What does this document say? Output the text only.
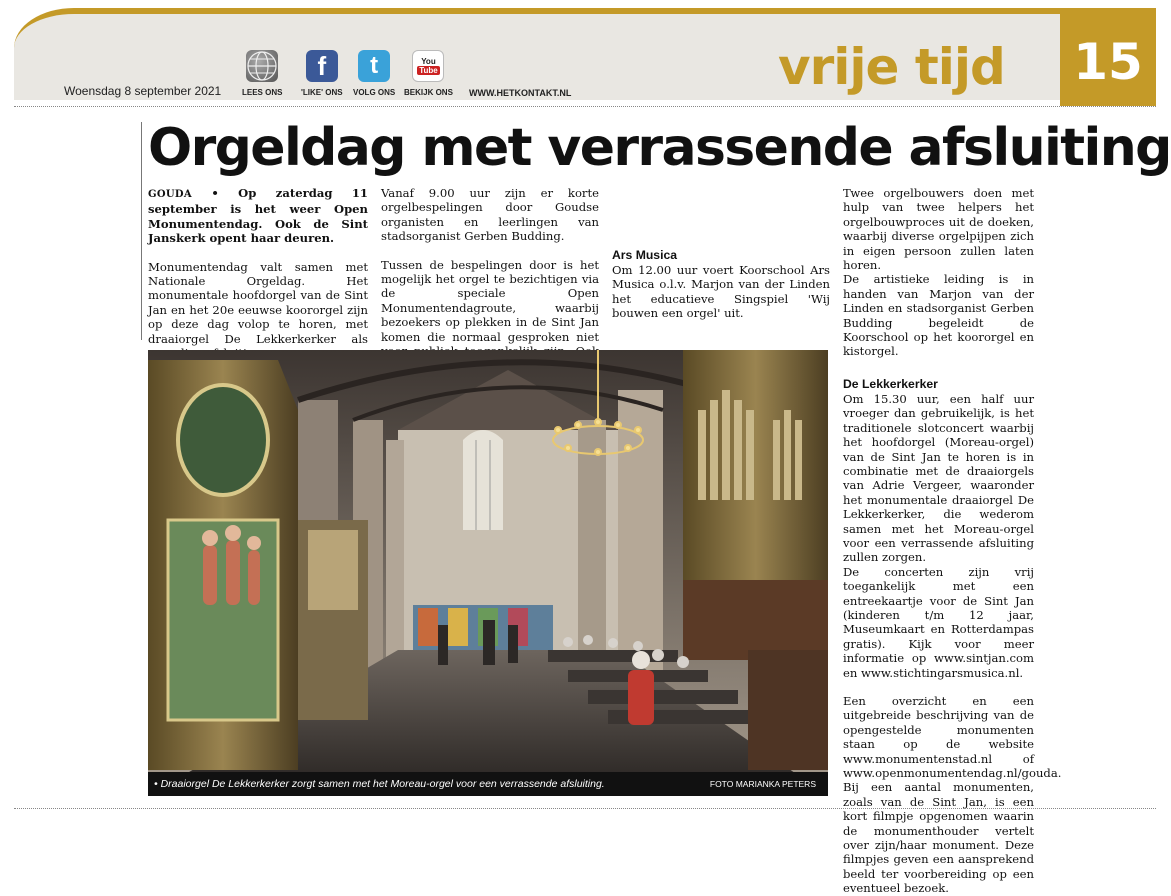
Woensdag 8 september 2021	LEES ONS
f
'LIKE' ONS
t
VOLG ONS
You
Tube
BEKIJK ONS WWW.HETKONTAKT.NL	vrije tijd 15
Orgeldag met verrassende afsluiting

GOUDA • Op zaterdag 11 september is het weer Open Monumentendag. Ook de Sint Janskerk opent haar deuren.

Monumentendag valt samen met Nationale Orgeldag. Het monumentale hoofdorgel van de Sint Jan en het 20e eeuwse koororgel zijn op deze dag volop te horen, met draaiorgel De Lekkerkerker als

Vanaf 9.00 uur zijn er korte orgelbespelingen door Goudse organisten en leerlingen van stadsorganist Gerben Budding.

Tussen de bespelingen door is het mogelijk het orgel te bezichtigen via de speciale Open Monumentendagroute, waarbij bezoekers op plekken in de Sint Jan komen die normaal gesproken niet

Ars Musica

Om 12.00 uur voert Koorschool Ars Musica o.l.v. Marjon van der Linden het educatieve Singspiel 'Wij bouwen een orgel' uit.

Twee orgelbouwers doen met hulp van twee helpers het orgelbouwproces uit de doeken, waarbij diverse orgelpijpen zich in eigen persoon zullen laten horen.

De artistieke leiding is in handen van Marjon van der Linden en stadsorganist Gerben Budding begeleidt de Koorschool op het koororgel en kistorgel.

De Lekkerkerker

Om 15.30 uur, een half uur vroeger dan gebruikelijk, is het traditionele slotconcert waarbij het hoofdorgel (Moreau-orgel) van de Sint Jan te horen is in combinatie met de draaiorgels van Adrie Vergeer, waaronder het monumentale draaiorgel De Lekkerkerker, die wederom samen met het Moreau-orgel voor een verrassende afsluiting zullen zorgen.

De concerten zijn vrij toegankelijk met een entreekaartje voor de Sint Jan (kinderen t/m 12 jaar, Museumkaart en Rotterdampas gratis). Kijk voor meer informatie op www.sintjan.com en www.stichtingarsmusica.nl.

Een overzicht en een uitgebreide beschrijving van de opengestelde monumenten staan op de website www.monumentenstad.nl of www.openmonumentendag.nl/gouda. Bij een aantal monumenten, zoals van de Sint Jan, is een kort filmpje opgenomen waarin de monumenthouder vertelt over zijn/haar monument. Deze filmpjes geven een aansprekend beeld ter voorbereiding op een eventueel bezoek.

• Draaiorgel De Lekkerkerker zorgt samen met het Moreau-orgel voor een verrassende afsluiting.	FOTO MARIANKA PETERS
